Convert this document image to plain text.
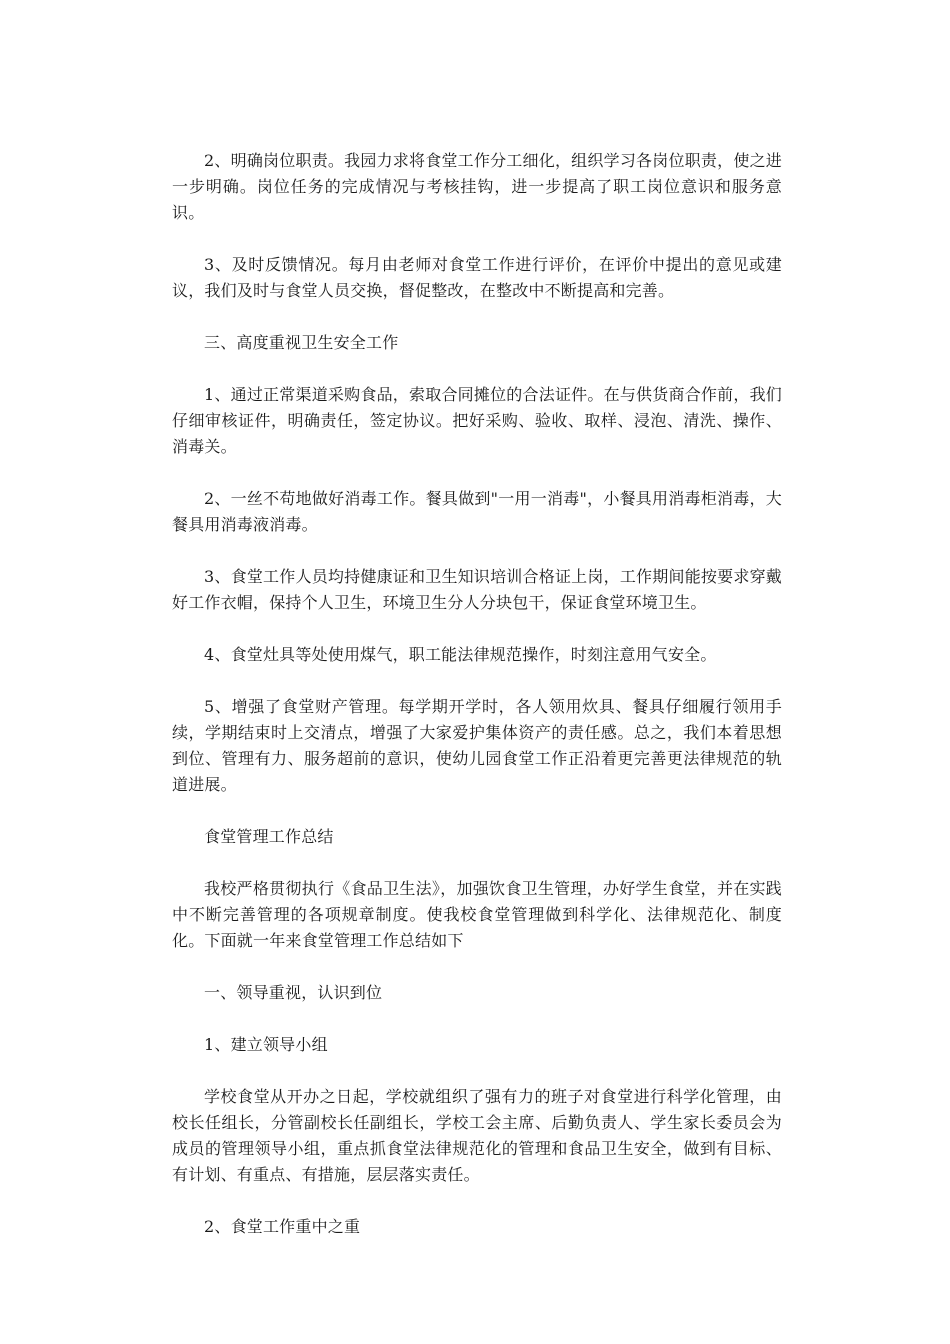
2、明确岗位职责。我园力求将食堂工作分工细化，组织学习各岗位职责，使之进一步明确。岗位任务的完成情况与考核挂钩，进一步提高了职工岗位意识和服务意识。

3、及时反馈情况。每月由老师对食堂工作进行评价，在评价中提出的意见或建议，我们及时与食堂人员交换，督促整改，在整改中不断提高和完善。

三、高度重视卫生安全工作

1、通过正常渠道采购食品，索取合同摊位的合法证件。在与供货商合作前，我们仔细审核证件，明确责任，签定协议。把好采购、验收、取样、浸泡、清洗、操作、消毒关。

2、一丝不苟地做好消毒工作。餐具做到"一用一消毒"，小餐具用消毒柜消毒，大餐具用消毒液消毒。

3、食堂工作人员均持健康证和卫生知识培训合格证上岗，工作期间能按要求穿戴好工作衣帽，保持个人卫生，环境卫生分人分块包干，保证食堂环境卫生。

4、食堂灶具等处使用煤气，职工能法律规范操作，时刻注意用气安全。

5、增强了食堂财产管理。每学期开学时，各人领用炊具、餐具仔细履行领用手续，学期结束时上交清点，增强了大家爱护集体资产的责任感。总之，我们本着思想到位、管理有力、服务超前的意识，使幼儿园食堂工作正沿着更完善更法律规范的轨道进展。

食堂管理工作总结

我校严格贯彻执行《食品卫生法》，加强饮食卫生管理，办好学生食堂，并在实践中不断完善管理的各项规章制度。使我校食堂管理做到科学化、法律规范化、制度化。下面就一年来食堂管理工作总结如下

一、领导重视，认识到位

1、建立领导小组

学校食堂从开办之日起，学校就组织了强有力的班子对食堂进行科学化管理，由校长任组长，分管副校长任副组长，学校工会主席、后勤负责人、学生家长委员会为成员的管理领导小组，重点抓食堂法律规范化的管理和食品卫生安全，做到有目标、有计划、有重点、有措施，层层落实责任。

2、食堂工作重中之重
